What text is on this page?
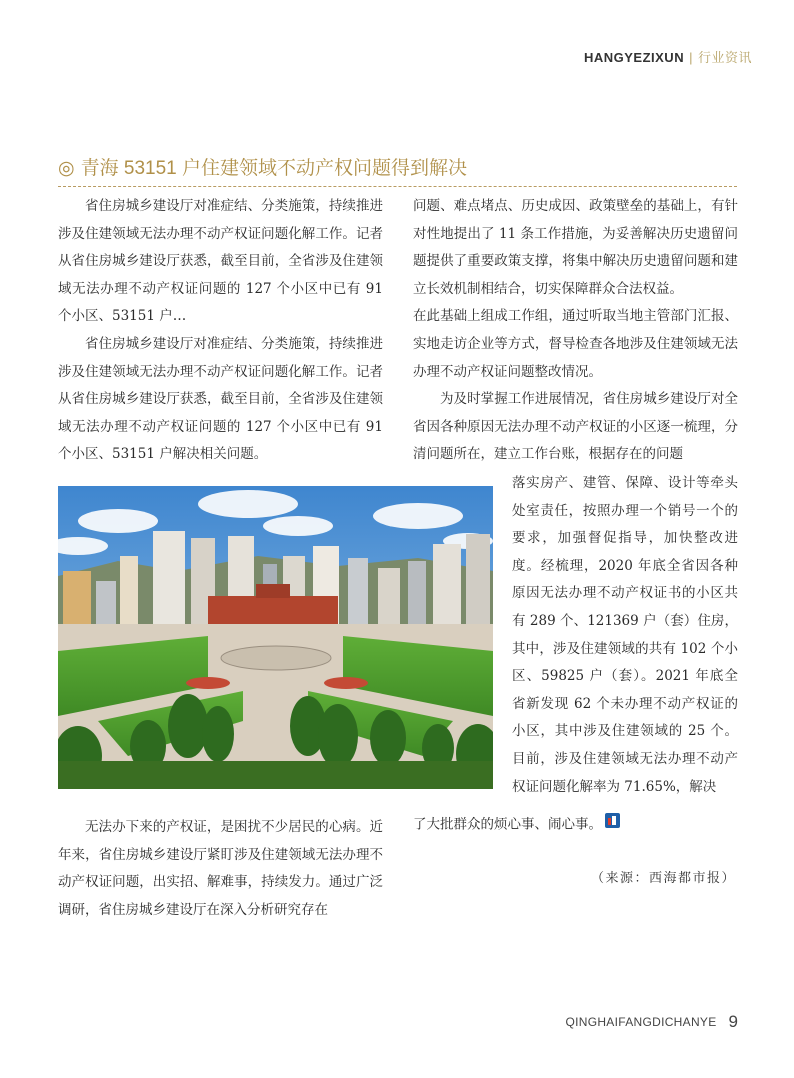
HANGYEZIXUN | 行业资讯
◎ 青海 53151 户住建领域不动产权问题得到解决

省住房城乡建设厅对准症结、分类施策，持续推进涉及住建领域无法办理不动产权证问题化解工作。记者从省住房城乡建设厅获悉，截至目前，全省涉及住建领域无法办理不动产权证问题的 127 个小区中已有 91 个小区、53151 户…

省住房城乡建设厅对准症结、分类施策，持续推进涉及住建领域无法办理不动产权证问题化解工作。记者从省住房城乡建设厅获悉，截至目前，全省涉及住建领域无法办理不动产权证问题的 127 个小区中已有 91 个小区、53151 户解决相关问题。

无法办下来的产权证，是困扰不少居民的心病。近年来，省住房城乡建设厅紧盯涉及住建领域无法办理不动产权证问题，出实招、解难事，持续发力。通过广泛调研，省住房城乡建设厅在深入分析研究存在

问题、难点堵点、历史成因、政策壁垒的基础上，有针对性地提出了 11 条工作措施，为妥善解决历史遗留问题提供了重要政策支撑，将集中解决历史遗留问题和建立长效机制相结合，切实保障群众合法权益。

在此基础上组成工作组，通过听取当地主管部门汇报、实地走访企业等方式，督导检查各地涉及住建领域无法办理不动产权证问题整改情况。

为及时掌握工作进展情况，省住房城乡建设厅对全省因各种原因无法办理不动产权证的小区逐一梳理，分清问题所在，建立工作台账，根据存在的问题

落实房产、建管、保障、设计等牵头处室责任，按照办理一个销号一个的要求，加强督促指导，加快整改进度。经梳理，2020 年底全省因各种原因无法办理不动产权证书的小区共有 289 个、121369 户（套）住房，其中，涉及住建领域的共有 102 个小区、59825 户（套）。2021 年底全省新发现 62 个未办理不动产权证的小区，其中涉及住建领域的 25 个。目前，涉及住建领域无法办理不动产权证问题化解率为 71.65%，解决

了大批群众的烦心事、闹心事。

（来源：西海都市报）
QINGHAIFANGDICHANYE 9
